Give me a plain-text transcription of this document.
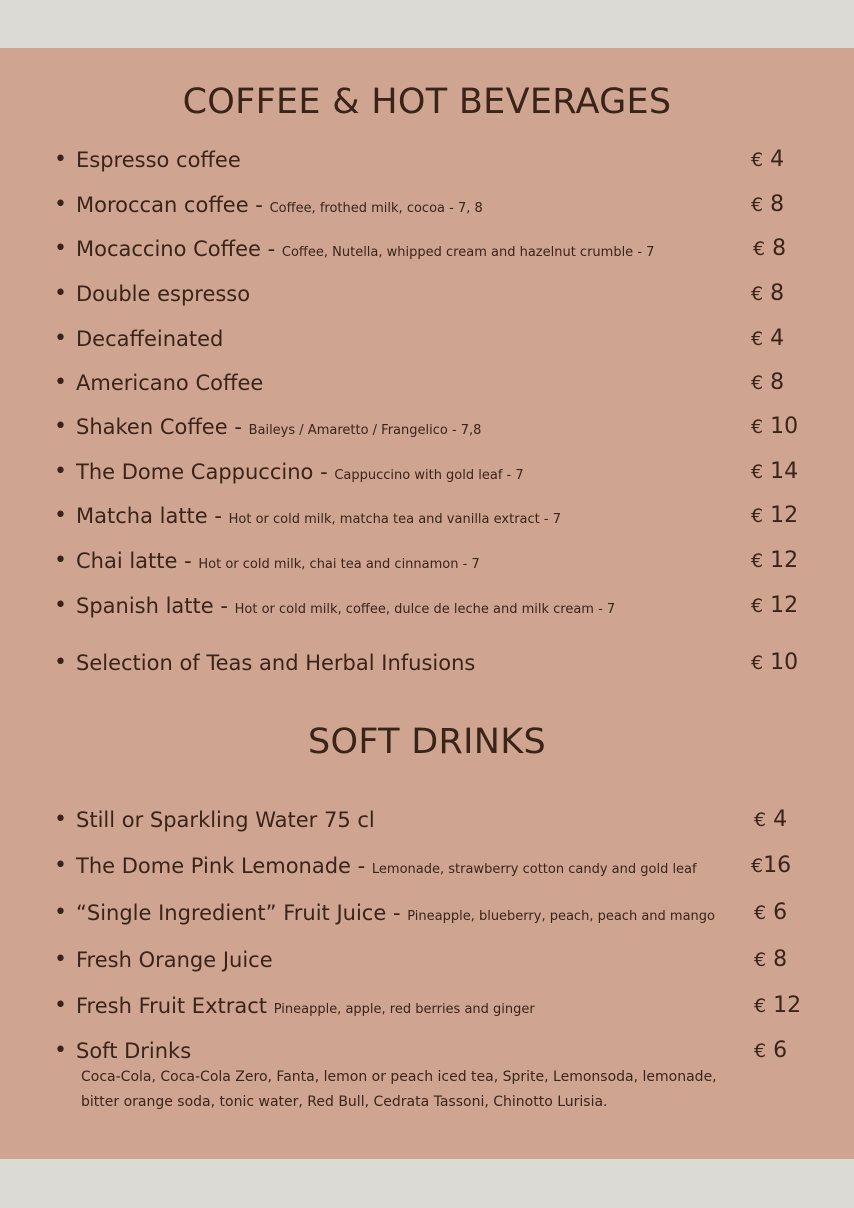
COFFEE & HOT BEVERAGES
• Espresso coffee	€ 4
• Moroccan coffee - Coffee, frothed milk, cocoa - 7, 8	€ 8
• Mocaccino Coffee - Coffee, Nutella, whipped cream and hazelnut crumble - 7	€ 8
• Double espresso	€ 8
• Decaffeinated	€ 4
• Americano Coffee	€ 8
• Shaken Coffee - Baileys / Amaretto / Frangelico - 7,8	€ 10
• The Dome Cappuccino - Cappuccino with gold leaf - 7	€ 14
• Matcha latte - Hot or cold milk, matcha tea and vanilla extract - 7	€ 12
• Chai latte - Hot or cold milk, chai tea and cinnamon - 7	€ 12
• Spanish latte - Hot or cold milk, coffee, dulce de leche and milk cream - 7	€ 12
• Selection of Teas and Herbal Infusions	€ 10
SOFT DRINKS
• Still or Sparkling Water 75 cl	€ 4
• The Dome Pink Lemonade - Lemonade, strawberry cotton candy and gold leaf	€16
• “Single Ingredient” Fruit Juice - Pineapple, blueberry, peach, peach and mango € 6
• Fresh Orange Juice	€ 8
• Fresh Fruit Extract Pineapple, apple, red berries and ginger	€ 12
• Soft Drinks	€ 6
Coca-Cola, Coca-Cola Zero, Fanta, lemon or peach iced tea, Sprite, Lemonsoda, lemonade,
bitter orange soda, tonic water, Red Bull, Cedrata Tassoni, Chinotto Lurisia.
